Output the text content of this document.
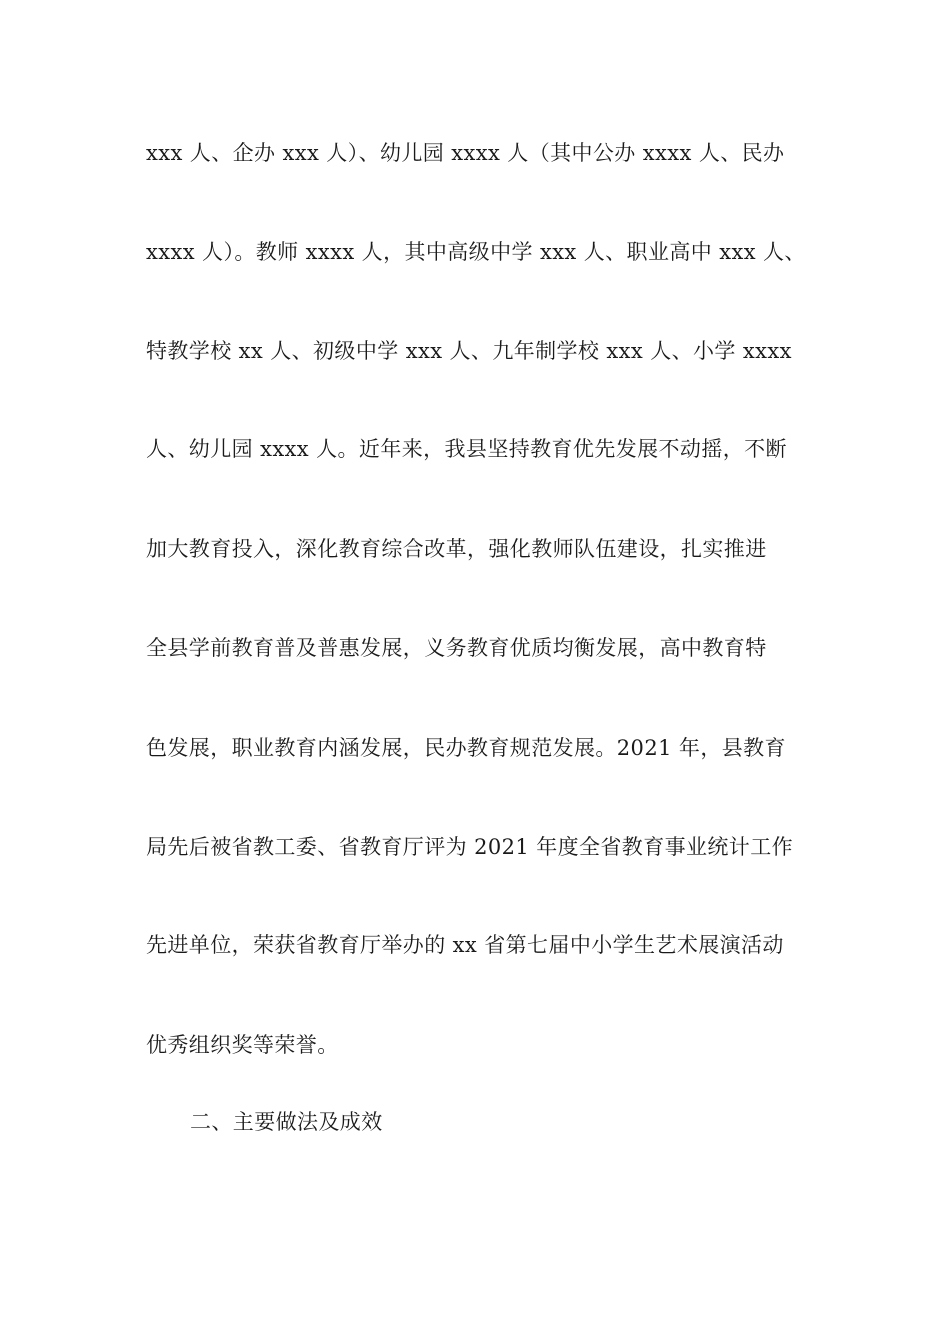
xxx 人、企办 xxx 人）、幼儿园 xxxx 人（其中公办 xxxx 人、民办

xxxx 人）。教师 xxxx 人，其中高级中学 xxx 人、职业高中 xxx 人、

特教学校 xx 人、初级中学 xxx 人、九年制学校 xxx 人、小学 xxxx

人、幼儿园 xxxx 人。近年来，我县坚持教育优先发展不动摇，不断

加大教育投入，深化教育综合改革，强化教师队伍建设，扎实推进

全县学前教育普及普惠发展，义务教育优质均衡发展，高中教育特

色发展，职业教育内涵发展，民办教育规范发展。2021 年，县教育

局先后被省教工委、省教育厅评为 2021 年度全省教育事业统计工作

先进单位，荣获省教育厅举办的 xx 省第七届中小学生艺术展演活动

优秀组织奖等荣誉。

二、主要做法及成效
